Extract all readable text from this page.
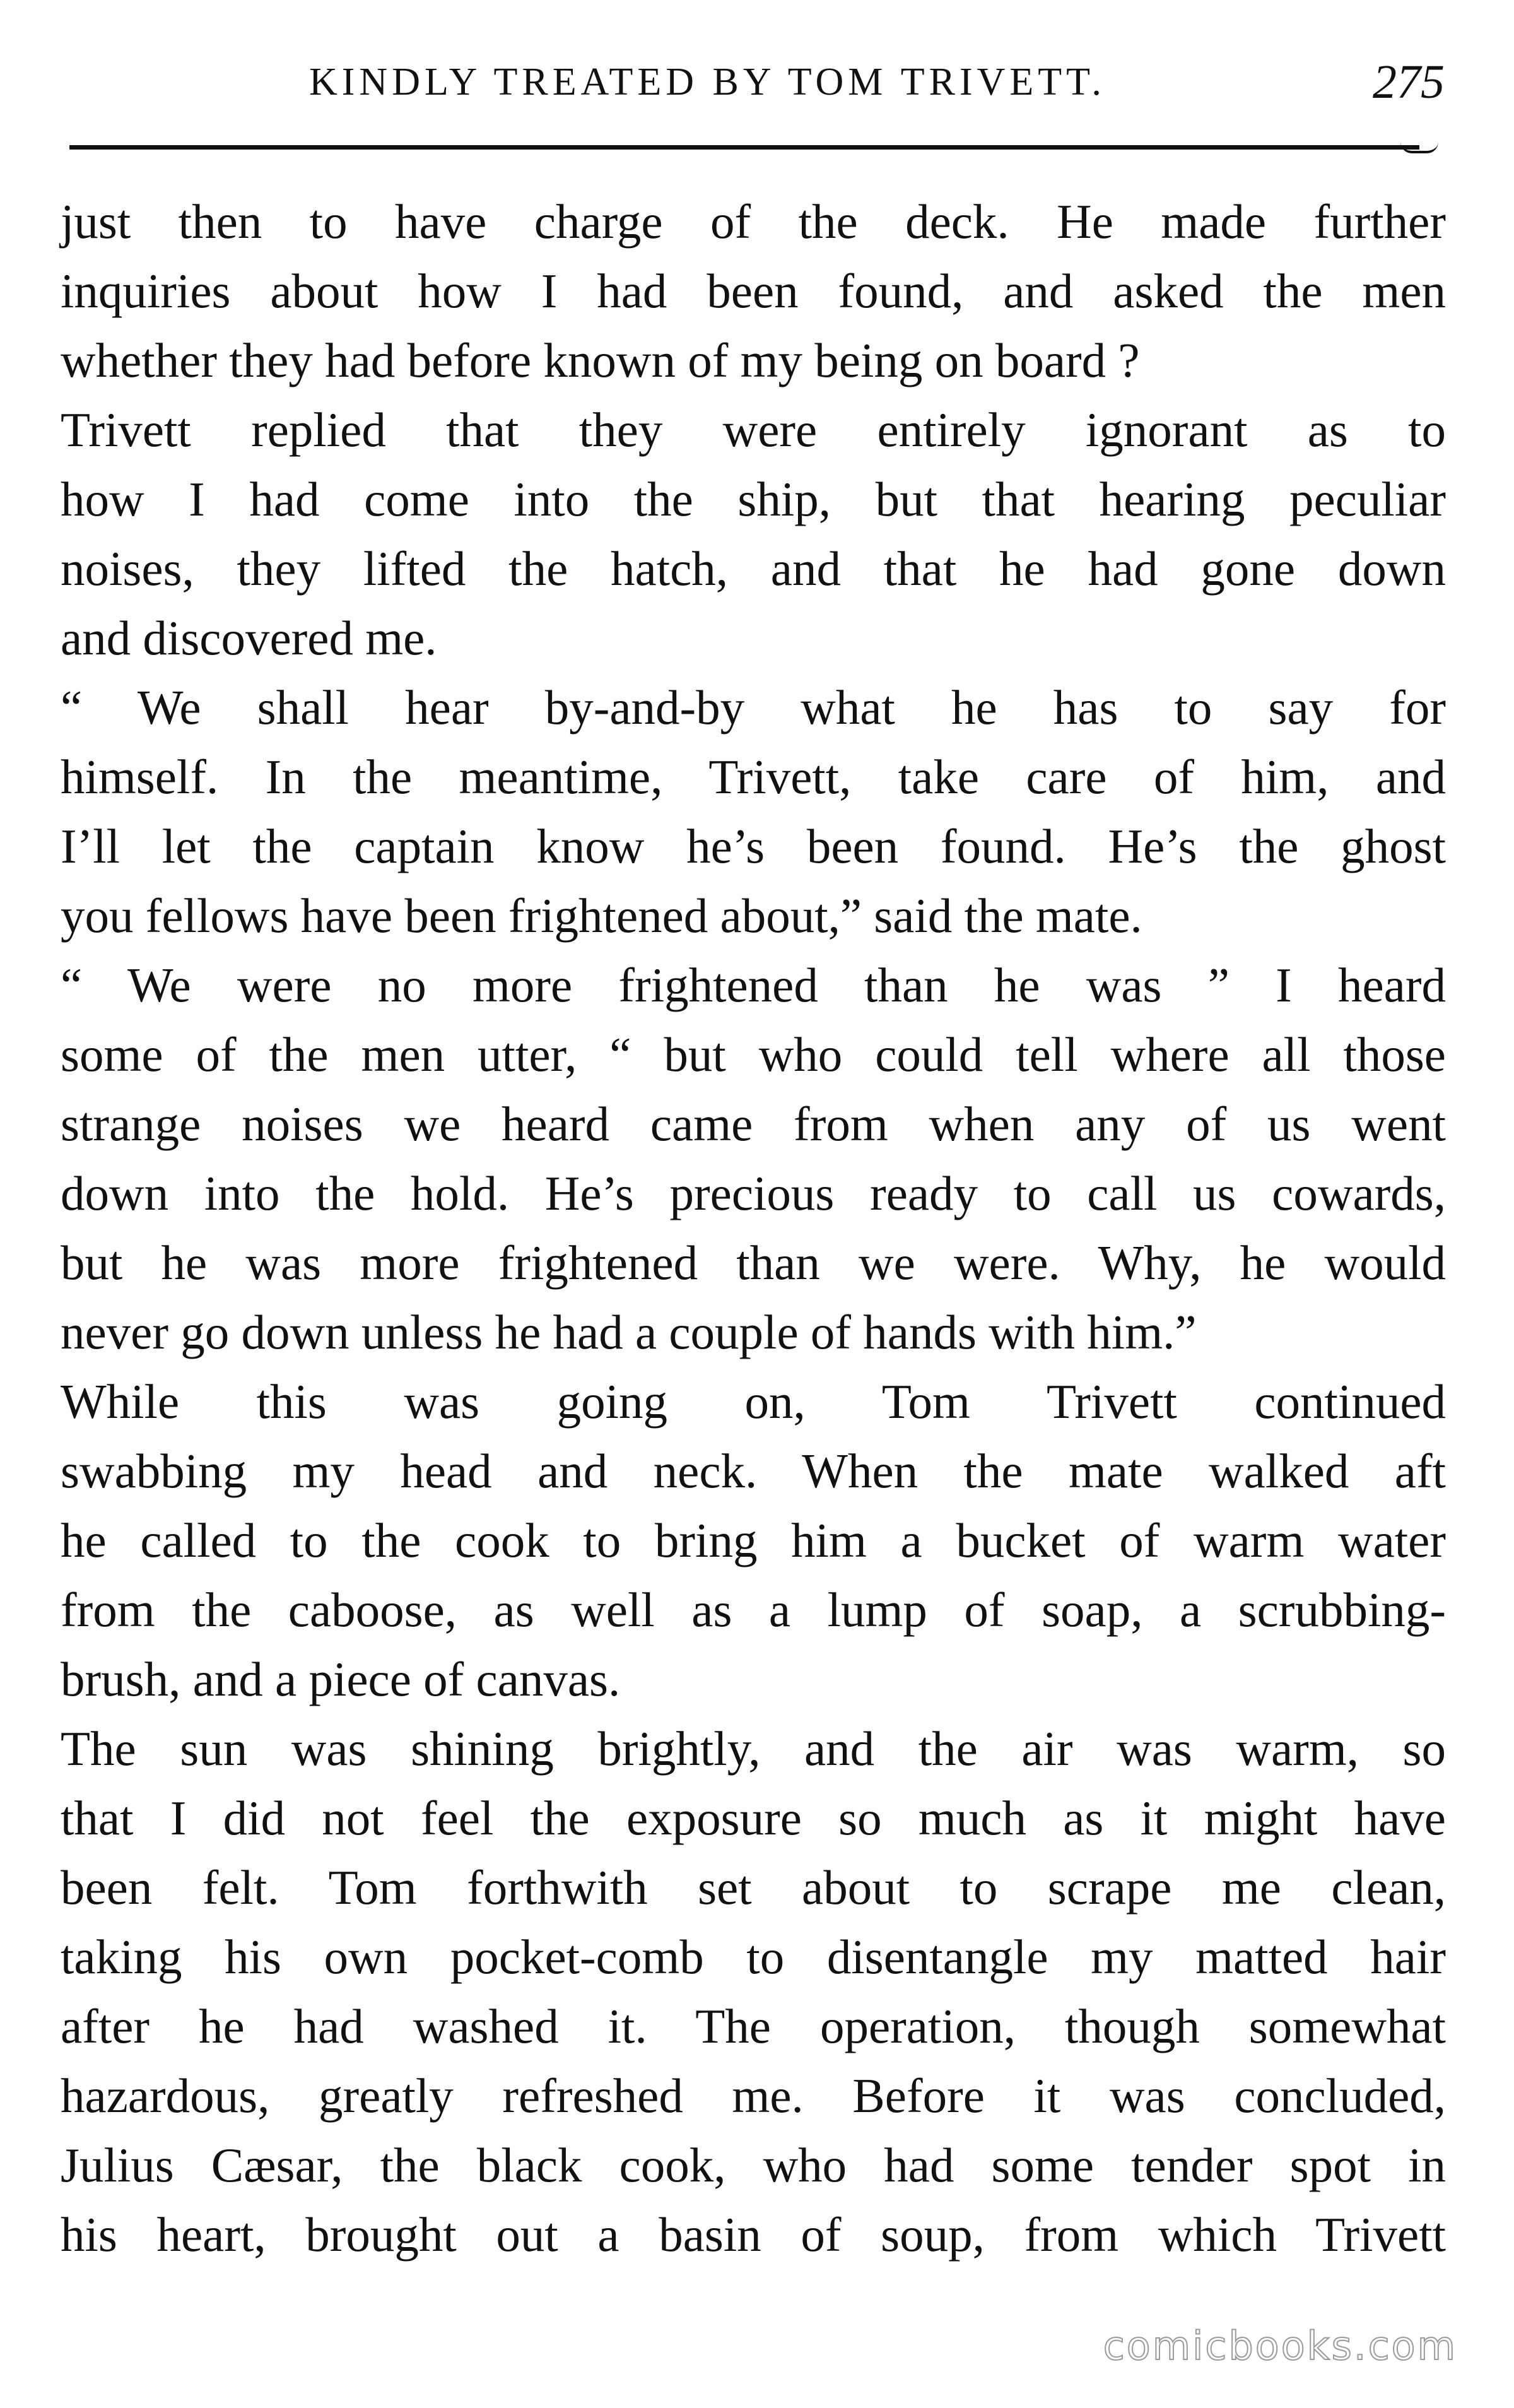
KINDLY TREATED BY TOM TRIVETT.	275
just then to have charge of the deck. He made further
inquiries about how I had been found, and asked the men
whether they had before known of my being on board ?
Trivett replied that they were entirely ignorant as to
how I had come into the ship, but that hearing peculiar
noises, they lifted the hatch, and that he had gone down
and discovered me.
“ We shall hear by-and-by what he has to say for
himself. In the meantime, Trivett, take care of him, and
I’ll let the captain know he’s been found. He’s the ghost
you fellows have been frightened about,” said the mate.
“ We were no more frightened than he was ” I heard
some of the men utter, “ but who could tell where all those
strange noises we heard came from when any of us went
down into the hold. He’s precious ready to call us cowards,
but he was more frightened than we were. Why, he would
never go down unless he had a couple of hands with him.”
While this was going on, Tom Trivett continued
swabbing my head and neck. When the mate walked aft
he called to the cook to bring him a bucket of warm water
from the caboose, as well as a lump of soap, a scrubbing-
brush, and a piece of canvas.
The sun was shining brightly, and the air was warm, so
that I did not feel the exposure so much as it might have
been felt. Tom forthwith set about to scrape me clean,
taking his own pocket-comb to disentangle my matted hair
after he had washed it. The operation, though somewhat
hazardous, greatly refreshed me. Before it was concluded,
Julius Cæsar, the black cook, who had some tender spot in
his heart, brought out a basin of soup, from which Trivett
comicbooks.com
